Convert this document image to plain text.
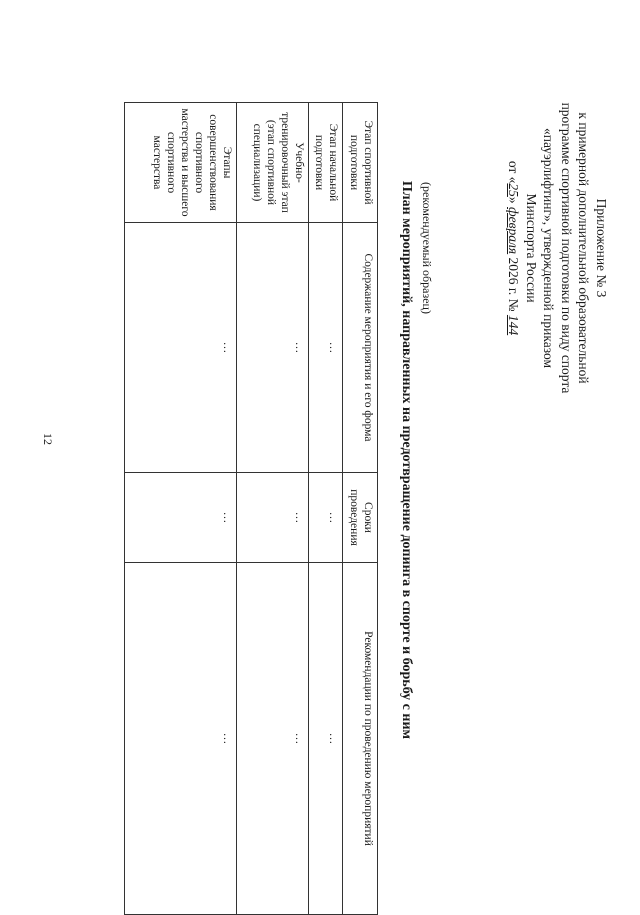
12
Приложение № 3
к примерной дополнительной образовательной
программе спортивной подготовки по виду спорта
«пауэрлифтинг», утвержденной приказом
Минспорта России
от «25» февраля 2026 г. № 144
(рекомендуемый образец)
План мероприятий, направленных на предотвращение допинга в спорте и борьбу с ним
Этап спортивной подготовки	Содержание мероприятия и его форма	Сроки проведения	Рекомендации по проведению мероприятий
Этап начальной подготовки	…	…	…
Учебно-тренировочный этап (этап спортивной специализации)	…	…	…
Этапы совершенствования спортивного мастерства и высшего спортивного мастерства	…	…	…
